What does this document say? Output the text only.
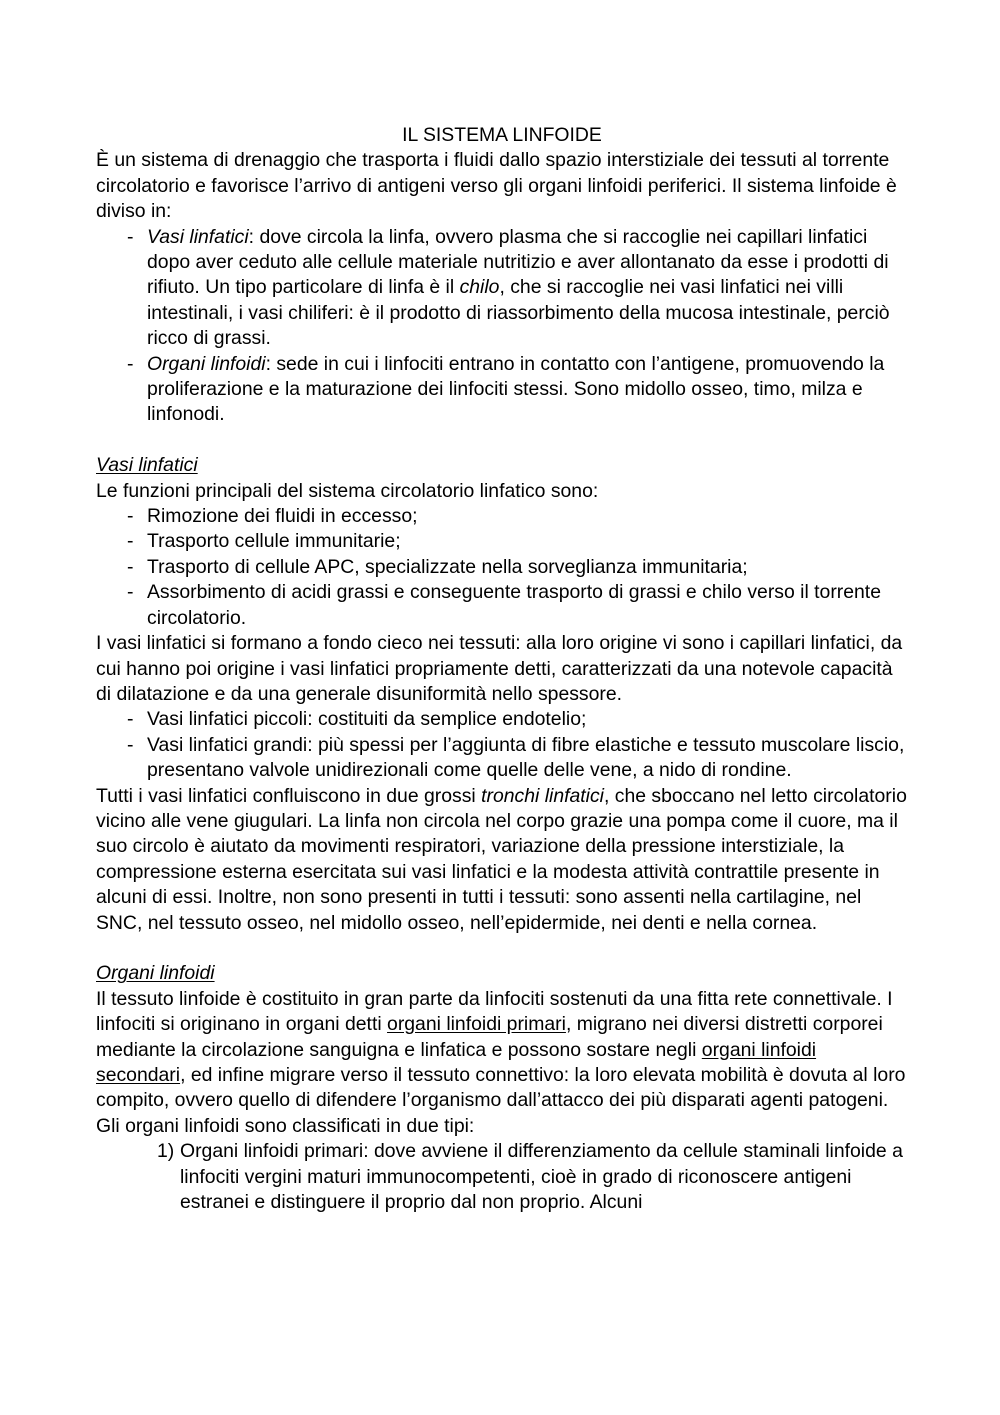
IL SISTEMA LINFOIDE

È un sistema di drenaggio che trasporta i fluidi dallo spazio interstiziale dei tessuti al torrente circolatorio e favorisce l’arrivo di antigeni verso gli organi linfoidi periferici. Il sistema linfoide è diviso in:

- Vasi linfatici: dove circola la linfa, ovvero plasma che si raccoglie nei capillari linfatici dopo aver ceduto alle cellule materiale nutritizio e aver allontanato da esse i prodotti di rifiuto. Un tipo particolare di linfa è il chilo, che si raccoglie nei vasi linfatici nei villi intestinali, i vasi chiliferi: è il prodotto di riassorbimento della mucosa intestinale, perciò ricco di grassi.
- Organi linfoidi: sede in cui i linfociti entrano in contatto con l’antigene, promuovendo la proliferazione e la maturazione dei linfociti stessi. Sono midollo osseo, timo, milza e linfonodi.
Vasi linfatici

Le funzioni principali del sistema circolatorio linfatico sono:

- Rimozione dei fluidi in eccesso;
- Trasporto cellule immunitarie;
- Trasporto di cellule APC, specializzate nella sorveglianza immunitaria;
- Assorbimento di acidi grassi e conseguente trasporto di grassi e chilo verso il torrente circolatorio.

I vasi linfatici si formano a fondo cieco nei tessuti: alla loro origine vi sono i capillari linfatici, da cui hanno poi origine i vasi linfatici propriamente detti, caratterizzati da una notevole capacità di dilatazione e da una generale disuniformità nello spessore.

- Vasi linfatici piccoli: costituiti da semplice endotelio;
- Vasi linfatici grandi: più spessi per l’aggiunta di fibre elastiche e tessuto muscolare liscio, presentano valvole unidirezionali come quelle delle vene, a nido di rondine.

Tutti i vasi linfatici confluiscono in due grossi tronchi linfatici, che sboccano nel letto circolatorio vicino alle vene giugulari. La linfa non circola nel corpo grazie una pompa come il cuore, ma il suo circolo è aiutato da movimenti respiratori, variazione della pressione interstiziale, la compressione esterna esercitata sui vasi linfatici e la modesta attività contrattile presente in alcuni di essi. Inoltre, non sono presenti in tutti i tessuti: sono assenti nella cartilagine, nel SNC, nel tessuto osseo, nel midollo osseo, nell’epidermide, nei denti e nella cornea.

Organi linfoidi

Il tessuto linfoide è costituito in gran parte da linfociti sostenuti da una fitta rete connettivale. I linfociti si originano in organi detti organi linfoidi primari, migrano nei diversi distretti corporei mediante la circolazione sanguigna e linfatica e possono sostare negli organi linfoidi secondari, ed infine migrare verso il tessuto connettivo: la loro elevata mobilità è dovuta al loro compito, ovvero quello di difendere l’organismo dall’attacco dei più disparati agenti patogeni. Gli organi linfoidi sono classificati in due tipi:

1) Organi linfoidi primari: dove avviene il differenziamento da cellule staminali linfoide a linfociti vergini maturi immunocompetenti, cioè in grado di riconoscere antigeni estranei e distinguere il proprio dal non proprio. Alcuni
